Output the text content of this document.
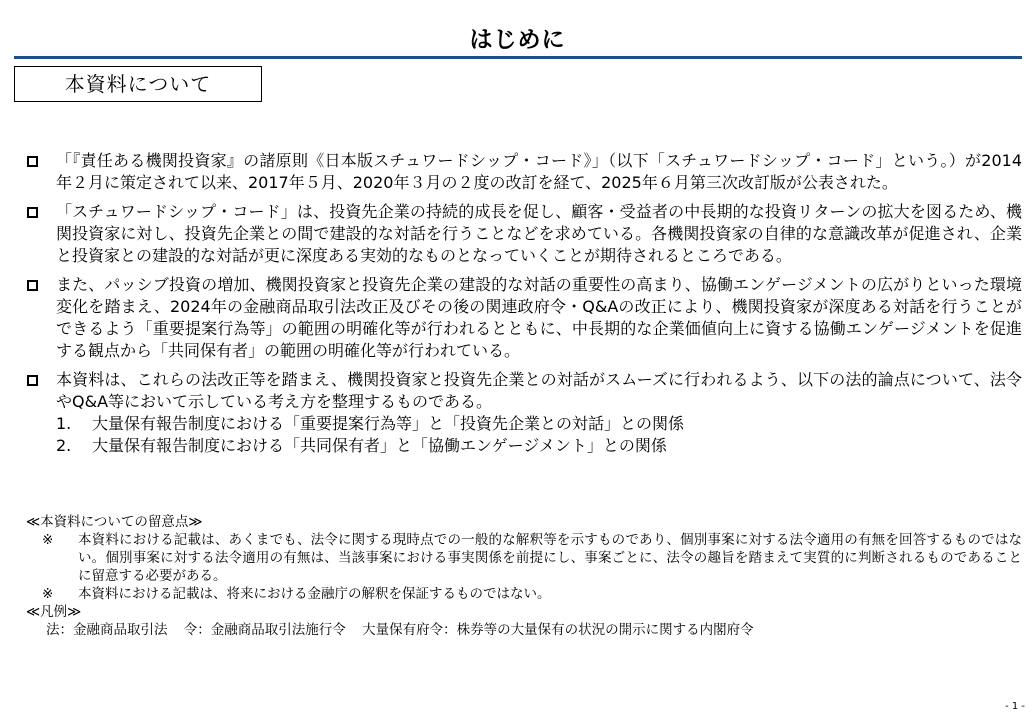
はじめに
本資料について
「『責任ある機関投資家』の諸原則《日本版スチュワードシップ・コード》」（以下「スチュワードシップ・コード」という。）が2014年２月に策定されて以来、2017年５月、2020年３月の２度の改訂を経て、2025年６月第三次改訂版が公表された。
「スチュワードシップ・コード」は、投資先企業の持続的成長を促し、顧客・受益者の中長期的な投資リターンの拡大を図るため、機関投資家に対し、投資先企業との間で建設的な対話を行うことなどを求めている。各機関投資家の自律的な意識改革が促進され、企業と投資家との建設的な対話が更に深度ある実効的なものとなっていくことが期待されるところである。
また、パッシブ投資の増加、機関投資家と投資先企業の建設的な対話の重要性の高まり、協働エンゲージメントの広がりといった環境変化を踏まえ、2024年の金融商品取引法改正及びその後の関連政府令・Q&Aの改正により、機関投資家が深度ある対話を行うことができるよう「重要提案行為等」の範囲の明確化等が行われるとともに、中長期的な企業価値向上に資する協働エンゲージメントを促進する観点から「共同保有者」の範囲の明確化等が行われている。
本資料は、これらの法改正等を踏まえ、機関投資家と投資先企業との対話がスムーズに行われるよう、以下の法的論点について、法令やQ&A等において示している考え方を整理するものである。
1. 大量保有報告制度における「重要提案行為等」と「投資先企業との対話」との関係
2. 大量保有報告制度における「共同保有者」と「協働エンゲージメント」との関係
≪本資料についての留意点≫
※ 本資料における記載は、あくまでも、法令に関する現時点での一般的な解釈等を示すものであり、個別事案に対する法令適用の有無を回答するものではない。個別事案に対する法令適用の有無は、当該事案における事実関係を前提にし、事案ごとに、法令の趣旨を踏まえて実質的に判断されるものであることに留意する必要がある。
※ 本資料における記載は、将来における金融庁の解釈を保証するものではない。
≪凡例≫
法：金融商品取引法 令：金融商品取引法施行令 大量保有府令：株券等の大量保有の状況の開示に関する内閣府令
- 1 -
